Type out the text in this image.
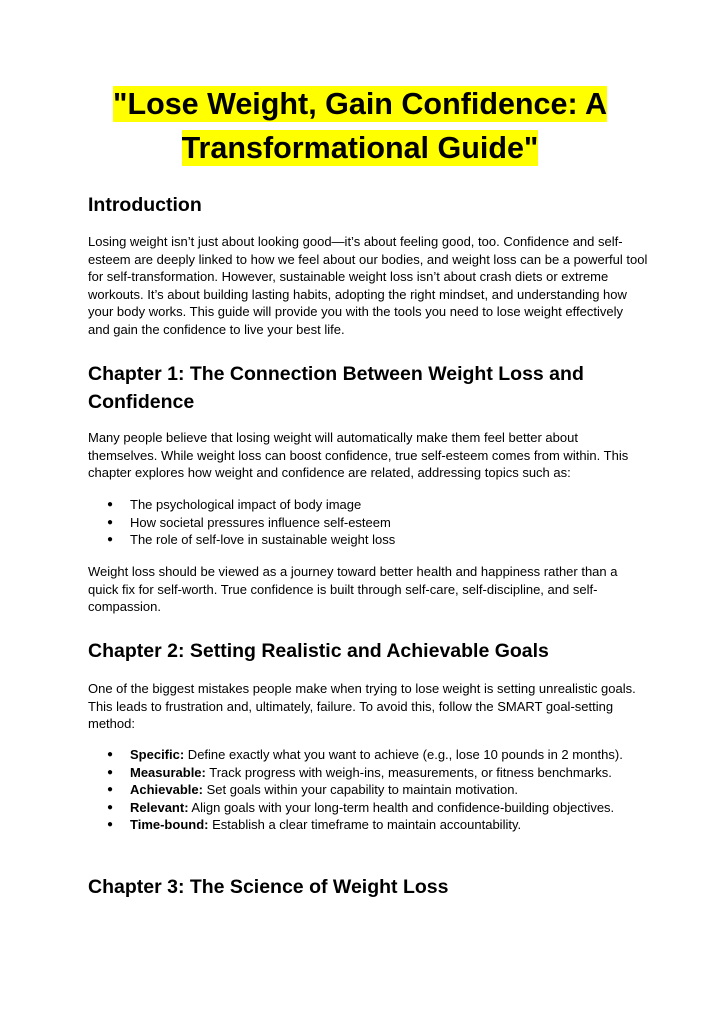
"Lose Weight, Gain Confidence: A
Transformational Guide"
Introduction

Losing weight isn’t just about looking good—it’s about feeling good, too. Confidence and self-esteem are deeply linked to how we feel about our bodies, and weight loss can be a powerful tool for self-transformation. However, sustainable weight loss isn’t about crash diets or extreme workouts. It’s about building lasting habits, adopting the right mindset, and understanding how your body works. This guide will provide you with the tools you need to lose weight effectively and gain the confidence to live your best life.

Chapter 1: The Connection Between Weight Loss and Confidence

Many people believe that losing weight will automatically make them feel better about themselves. While weight loss can boost confidence, true self-esteem comes from within. This chapter explores how weight and confidence are related, addressing topics such as:

● The psychological impact of body image
● How societal pressures influence self-esteem
● The role of self-love in sustainable weight loss

Weight loss should be viewed as a journey toward better health and happiness rather than a quick fix for self-worth. True confidence is built through self-care, self-discipline, and self-compassion.

Chapter 2: Setting Realistic and Achievable Goals

One of the biggest mistakes people make when trying to lose weight is setting unrealistic goals. This leads to frustration and, ultimately, failure. To avoid this, follow the SMART goal-setting method:

● Specific: Define exactly what you want to achieve (e.g., lose 10 pounds in 2 months).
● Measurable: Track progress with weigh-ins, measurements, or fitness benchmarks.
● Achievable: Set goals within your capability to maintain motivation.
● Relevant: Align goals with your long-term health and confidence-building objectives.
● Time-bound: Establish a clear timeframe to maintain accountability.
Chapter 3: The Science of Weight Loss
